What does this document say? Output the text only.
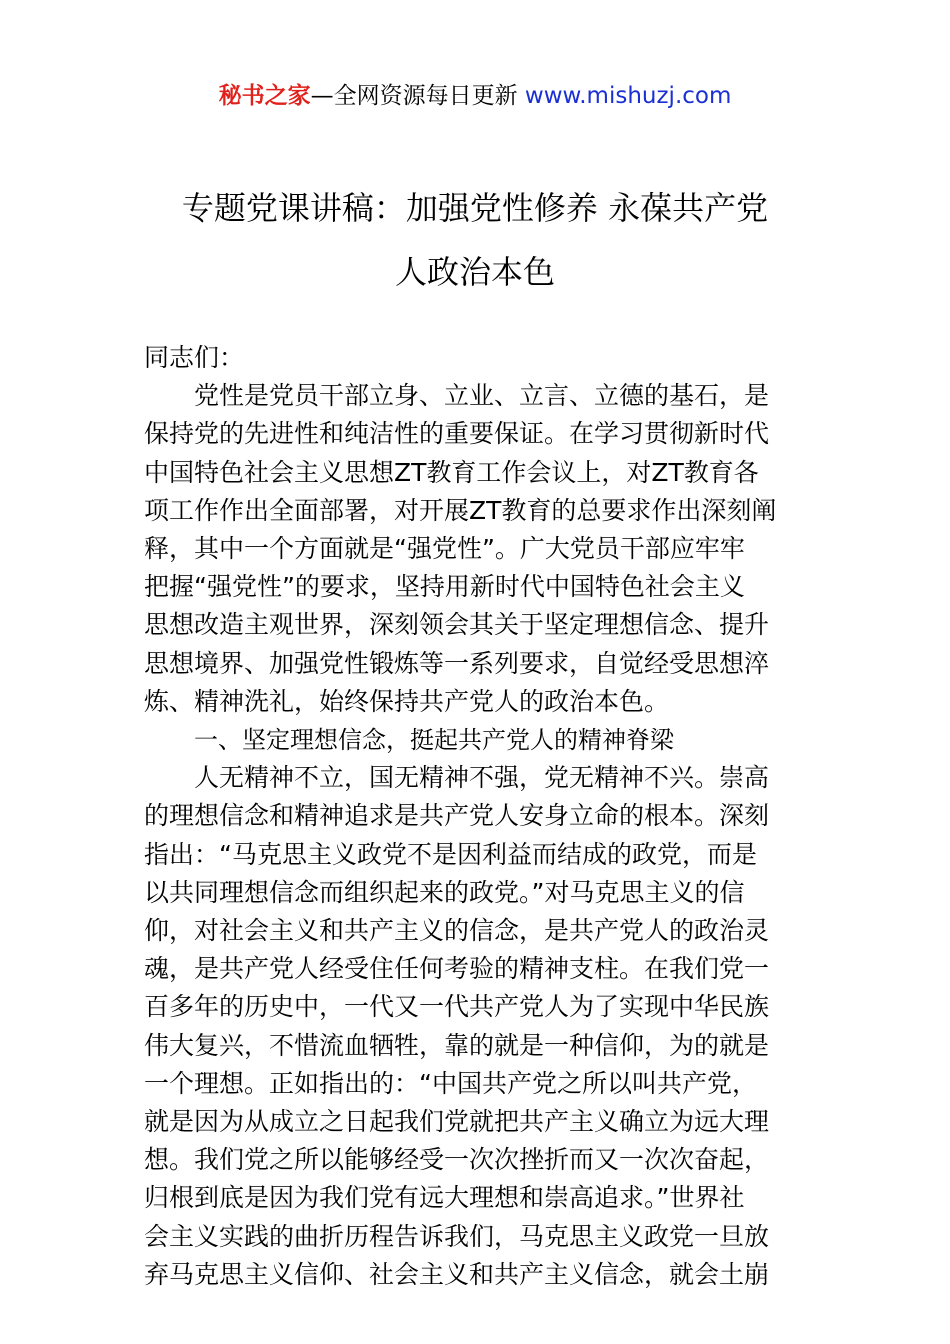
秘书之家—全网资源每日更新 www.mishuzj.com
专题党课讲稿：加强党性修养 永葆共产党
人政治本色
同志们：
党性是党员干部立身、立业、立言、立德的基石，是
保持党的先进性和纯洁性的重要保证。在学习贯彻新时代
中国特色社会主义思想ZT教育工作会议上，对ZT教育各
项工作作出全面部署，对开展ZT教育的总要求作出深刻阐
释，其中一个方面就是“强党性”。广大党员干部应牢牢
把握“强党性”的要求，坚持用新时代中国特色社会主义
思想改造主观世界，深刻领会其关于坚定理想信念、提升
思想境界、加强党性锻炼等一系列要求，自觉经受思想淬
炼、精神洗礼，始终保持共产党人的政治本色。
一、坚定理想信念，挺起共产党人的精神脊梁
人无精神不立，国无精神不强，党无精神不兴。崇高
的理想信念和精神追求是共产党人安身立命的根本。深刻
指出：“马克思主义政党不是因利益而结成的政党，而是
以共同理想信念而组织起来的政党。”对马克思主义的信
仰，对社会主义和共产主义的信念，是共产党人的政治灵
魂，是共产党人经受住任何考验的精神支柱。在我们党一
百多年的历史中，一代又一代共产党人为了实现中华民族
伟大复兴，不惜流血牺牲，靠的就是一种信仰，为的就是
一个理想。正如指出的：“中国共产党之所以叫共产党，
就是因为从成立之日起我们党就把共产主义确立为远大理
想。我们党之所以能够经受一次次挫折而又一次次奋起，
归根到底是因为我们党有远大理想和崇高追求。”世界社
会主义实践的曲折历程告诉我们，马克思主义政党一旦放
弃马克思主义信仰、社会主义和共产主义信念，就会土崩
